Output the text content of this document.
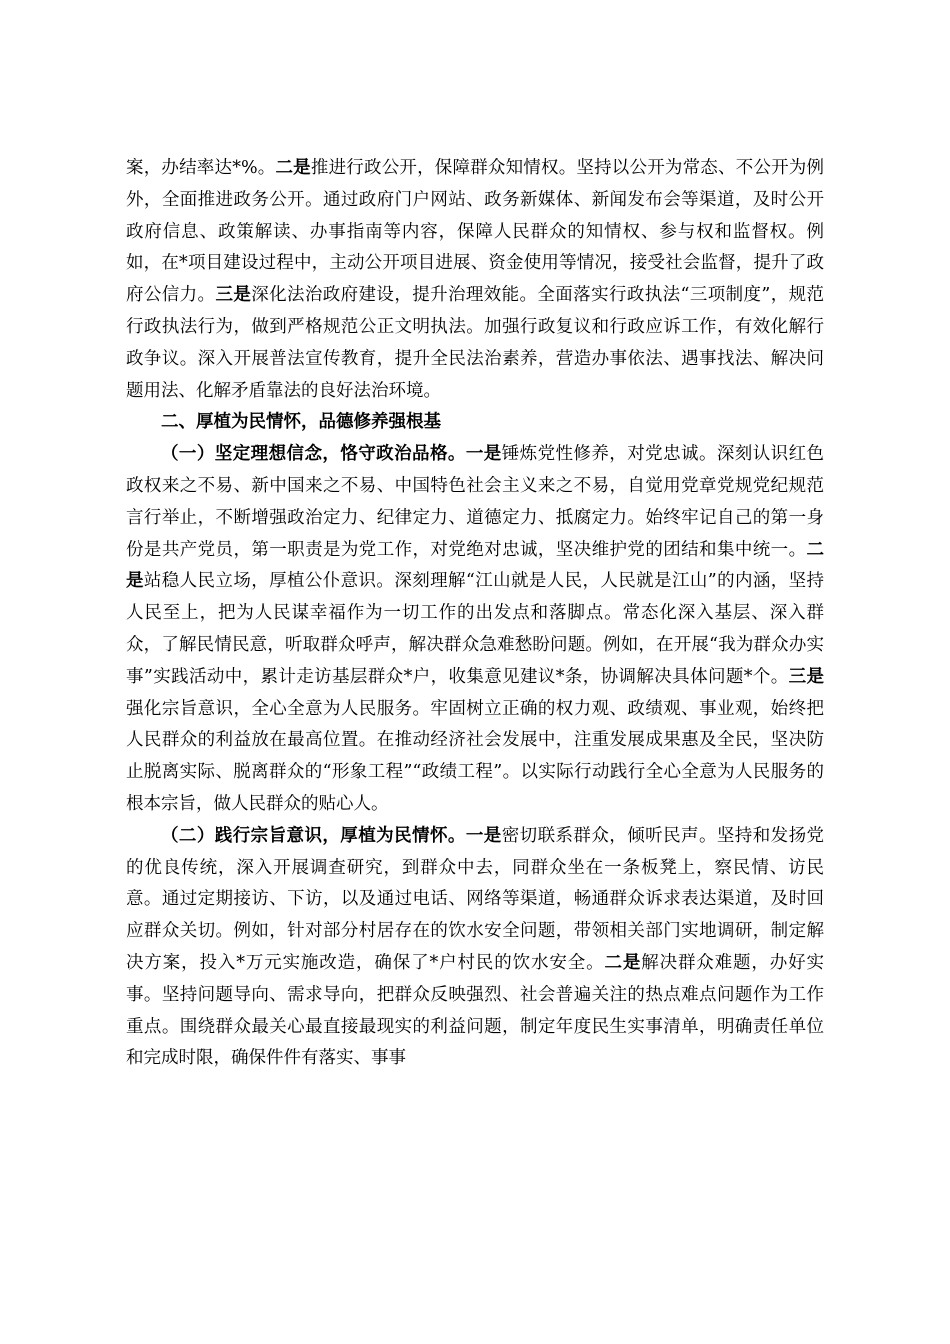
案，办结率达*%。二是推进行政公开，保障群众知情权。坚持以公开为常态、不公开为例外，全面推进政务公开。通过政府门户网站、政务新媒体、新闻发布会等渠道，及时公开政府信息、政策解读、办事指南等内容，保障人民群众的知情权、参与权和监督权。例如，在*项目建设过程中，主动公开项目进展、资金使用等情况，接受社会监督，提升了政府公信力。三是深化法治政府建设，提升治理效能。全面落实行政执法“三项制度”，规范行政执法行为，做到严格规范公正文明执法。加强行政复议和行政应诉工作，有效化解行政争议。深入开展普法宣传教育，提升全民法治素养，营造办事依法、遇事找法、解决问题用法、化解矛盾靠法的良好法治环境。

二、厚植为民情怀，品德修养强根基

（一）坚定理想信念，恪守政治品格。一是锤炼党性修养，对党忠诚。深刻认识红色政权来之不易、新中国来之不易、中国特色社会主义来之不易，自觉用党章党规党纪规范言行举止，不断增强政治定力、纪律定力、道德定力、抵腐定力。始终牢记自己的第一身份是共产党员，第一职责是为党工作，对党绝对忠诚，坚决维护党的团结和集中统一。二是站稳人民立场，厚植公仆意识。深刻理解“江山就是人民，人民就是江山”的内涵，坚持人民至上，把为人民谋幸福作为一切工作的出发点和落脚点。常态化深入基层、深入群众，了解民情民意，听取群众呼声，解决群众急难愁盼问题。例如，在开展“我为群众办实事”实践活动中，累计走访基层群众*户，收集意见建议*条，协调解决具体问题*个。三是强化宗旨意识，全心全意为人民服务。牢固树立正确的权力观、政绩观、事业观，始终把人民群众的利益放在最高位置。在推动经济社会发展中，注重发展成果惠及全民，坚决防止脱离实际、脱离群众的“形象工程”“政绩工程”。以实际行动践行全心全意为人民服务的根本宗旨，做人民群众的贴心人。

（二）践行宗旨意识，厚植为民情怀。一是密切联系群众，倾听民声。坚持和发扬党的优良传统，深入开展调查研究，到群众中去，同群众坐在一条板凳上，察民情、访民意。通过定期接访、下访，以及通过电话、网络等渠道，畅通群众诉求表达渠道，及时回应群众关切。例如，针对部分村居存在的饮水安全问题，带领相关部门实地调研，制定解决方案，投入*万元实施改造，确保了*户村民的饮水安全。二是解决群众难题，办好实事。坚持问题导向、需求导向，把群众反映强烈、社会普遍关注的热点难点问题作为工作重点。围绕群众最关心最直接最现实的利益问题，制定年度民生实事清单，明确责任单位和完成时限，确保件件有落实、事事
